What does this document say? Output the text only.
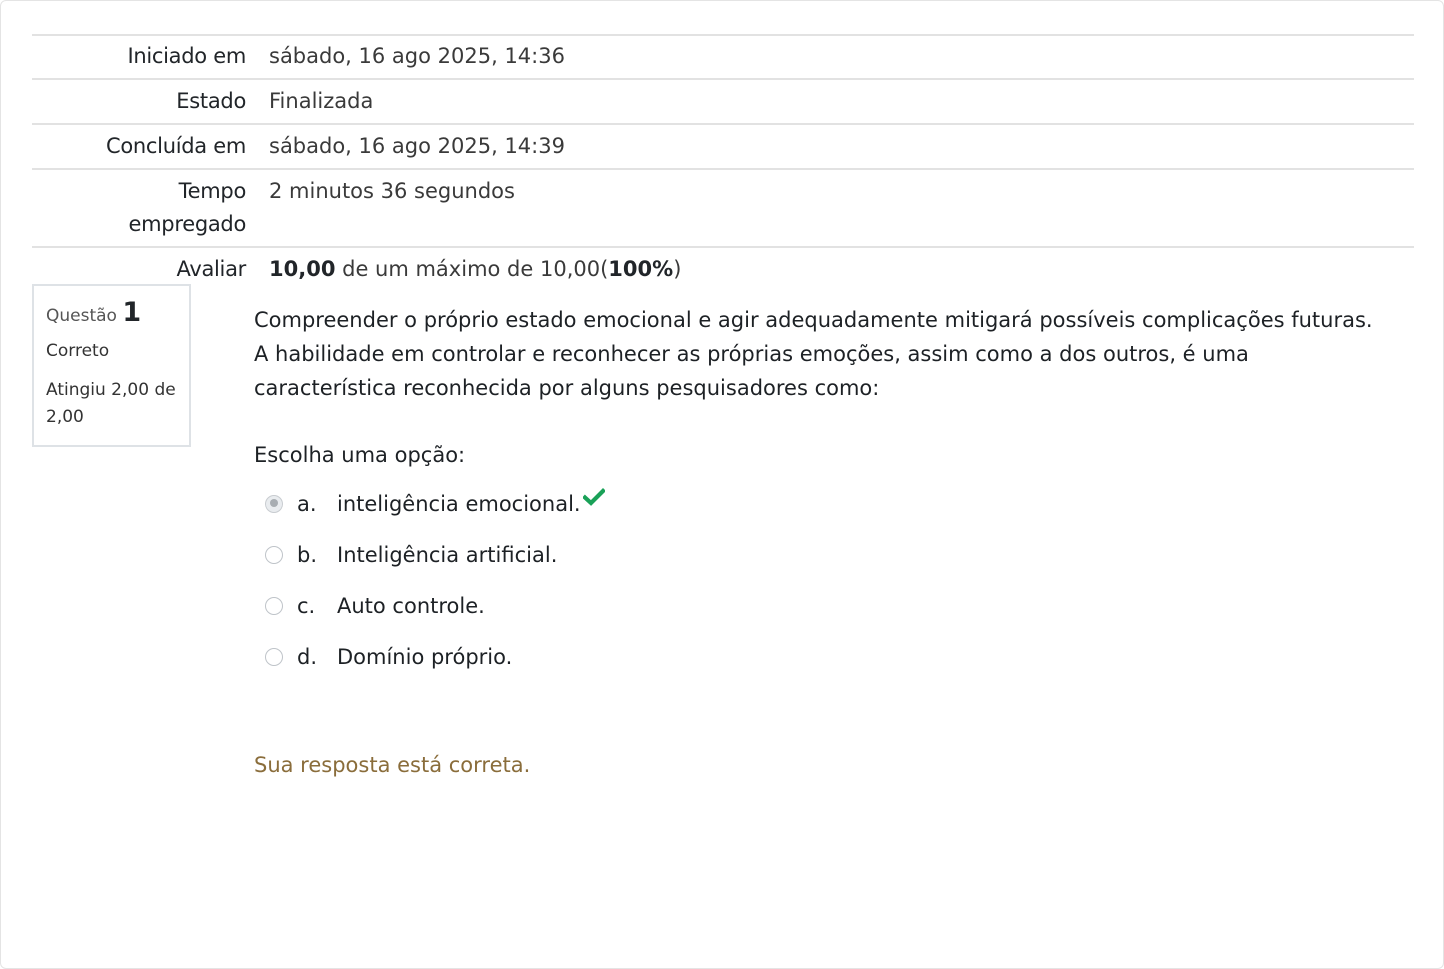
Iniciado em	sábado, 16 ago 2025, 14:36
Estado	Finalizada
Concluída em	sábado, 16 ago 2025, 14:39
Tempo
empregado	2 minutos 36 segundos
Avaliar	10,00 de um máximo de 10,00(100%)
Questão 1
Correto
Atingiu 2,00 de
2,00
Compreender o próprio estado emocional e agir adequadamente mitigará possíveis complicações futuras.
A habilidade em controlar e reconhecer as próprias emoções, assim como a dos outros, é uma
característica reconhecida por alguns pesquisadores como:
Escolha uma opção:
a. inteligência emocional.
b. Inteligência artificial.
c.	Auto controle.
d. Domínio próprio.
Sua resposta está correta.
